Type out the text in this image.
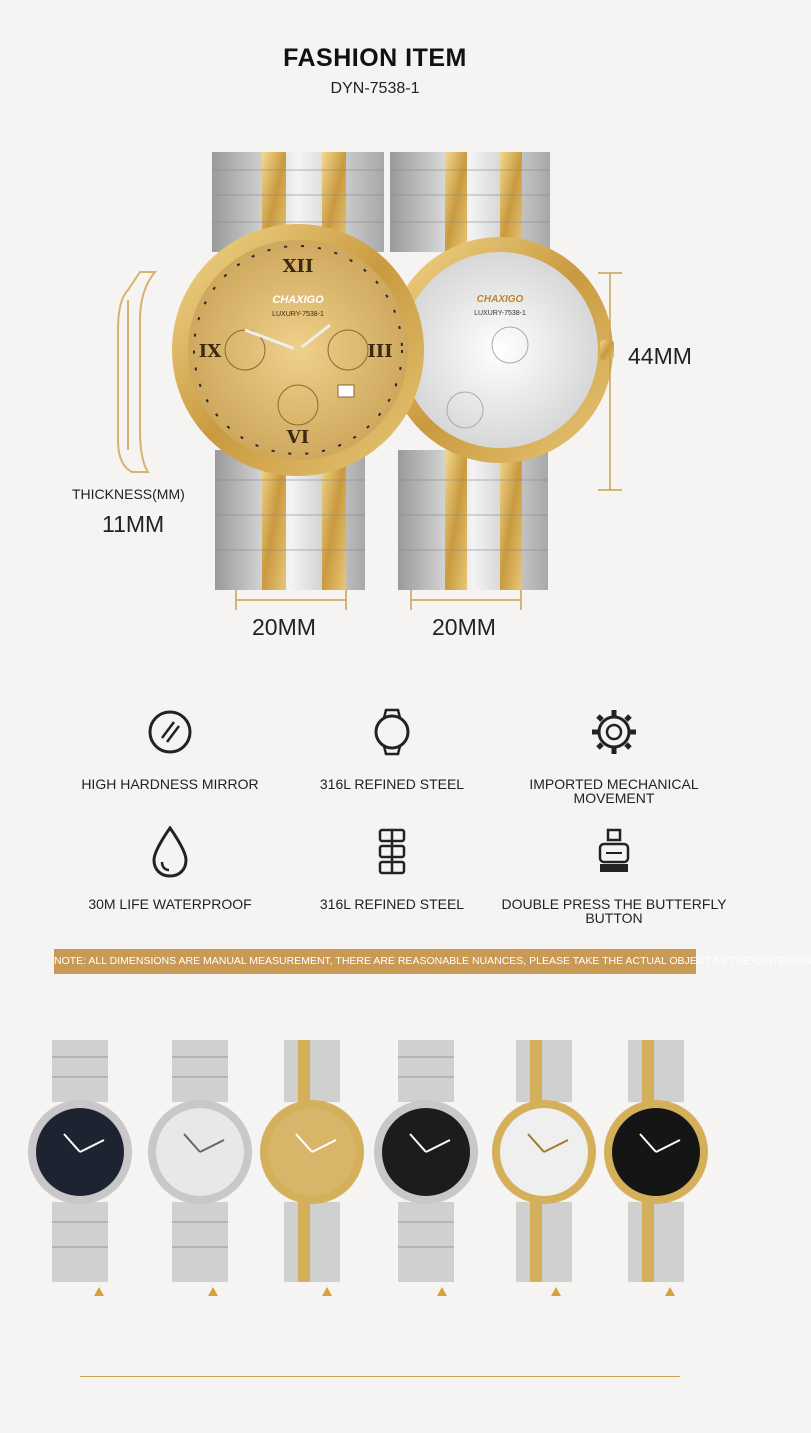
FASHION ITEM
DYN-7538-1
XII
VI
IX	III
CHAXIGO
LUXURY-7538-1
CHAXIGO
LUXURY-7538-1
44MM
THICKNESS(MM)
11MM
20MM	20MM
HIGH HARDNESS MIRROR	316L REFINED STEEL	IMPORTED MECHANICAL MOVEMENT
30M LIFE WATERPROOF	316L REFINED STEEL	DOUBLE PRESS THE BUTTERFLY BUTTON
NOTE: ALL DIMENSIONS ARE MANUAL MEASUREMENT, THERE ARE REASONABLE NUANCES, PLEASE TAKE THE ACTUAL OBJECT AS THE CRITERION
